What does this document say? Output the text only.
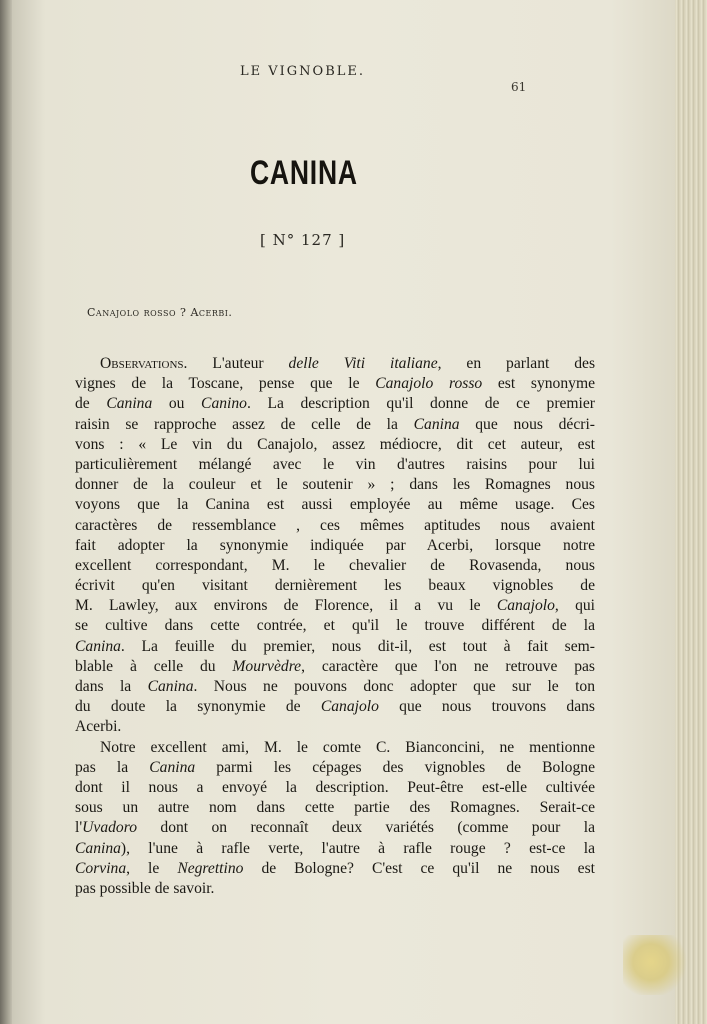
LE VIGNOBLE.
61
CANINA
[ N° 127 ]
Canajolo rosso ? Acerbi.
Observations. L'auteur delle Viti italiane, en parlant des
vignes de la Toscane, pense que le Canajolo rosso est synonyme
de Canina ou Canino. La description qu'il donne de ce premier
raisin se rapproche assez de celle de la Canina que nous décri-
vons : « Le vin du Canajolo, assez médiocre, dit cet auteur, est
particulièrement mélangé avec le vin d'autres raisins pour lui
donner de la couleur et le soutenir » ; dans les Romagnes nous
voyons que la Canina est aussi employée au même usage. Ces
caractères de ressemblance , ces mêmes aptitudes nous avaient
fait adopter la synonymie indiquée par Acerbi, lorsque notre
excellent correspondant, M. le chevalier de Rovasenda, nous
écrivit qu'en visitant dernièrement les beaux vignobles de
M. Lawley, aux environs de Florence, il a vu le Canajolo, qui
se cultive dans cette contrée, et qu'il le trouve différent de la
Canina. La feuille du premier, nous dit-il, est tout à fait sem-
blable à celle du Mourvèdre, caractère que l'on ne retrouve pas
dans la Canina. Nous ne pouvons donc adopter que sur le ton
du doute la synonymie de Canajolo que nous trouvons dans
Acerbi.
Notre excellent ami, M. le comte C. Bianconcini, ne mentionne
pas la Canina parmi les cépages des vignobles de Bologne
dont il nous a envoyé la description. Peut-être est-elle cultivée
sous un autre nom dans cette partie des Romagnes. Serait-ce
l'Uvadoro dont on reconnaît deux variétés (comme pour la
Canina), l'une à rafle verte, l'autre à rafle rouge ? est-ce la
Corvina, le Negrettino de Bologne? C'est ce qu'il ne nous est
pas possible de savoir.
